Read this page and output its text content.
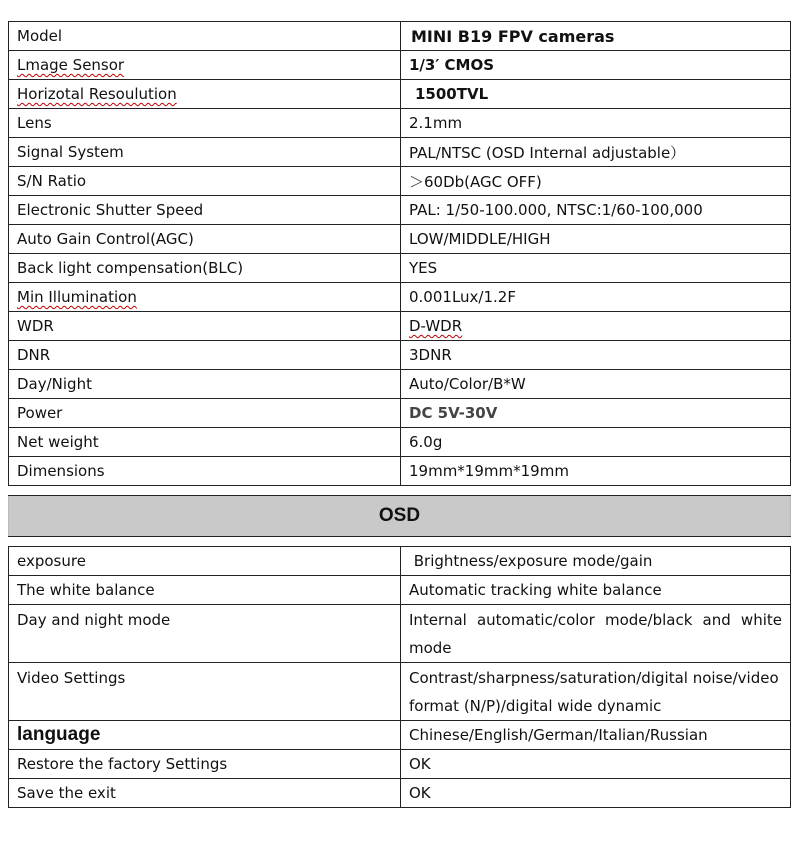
Model	MINI B19 FPV cameras
Lmage Sensor	1/3′ CMOS
Horizotal Resoulution	1500TVL
Lens	2.1mm
Signal System	PAL/NTSC (OSD Internal adjustable）
S/N Ratio	＞60Db(AGC OFF)
Electronic Shutter Speed	PAL: 1/50-100.000, NTSC:1/60-100,000
Auto Gain Control(AGC)	LOW/MIDDLE/HIGH
Back light compensation(BLC)	YES
Min Illumination	0.001Lux/1.2F
WDR	D-WDR
DNR	3DNR
Day/Night	Auto/Color/B*W
Power	DC 5V-30V
Net weight	6.0g
Dimensions	19mm*19mm*19mm

OSD	

exposure	Brightness/exposure mode/gain
The white balance	Automatic tracking white balance
Day and night mode	Internal automatic/color mode/black and white mode
Video Settings	Contrast/sharpness/saturation/digital noise/video format (N/P)/digital wide dynamic
language	Chinese/English/German/Italian/Russian
Restore the factory Settings	OK
Save the exit	OK
